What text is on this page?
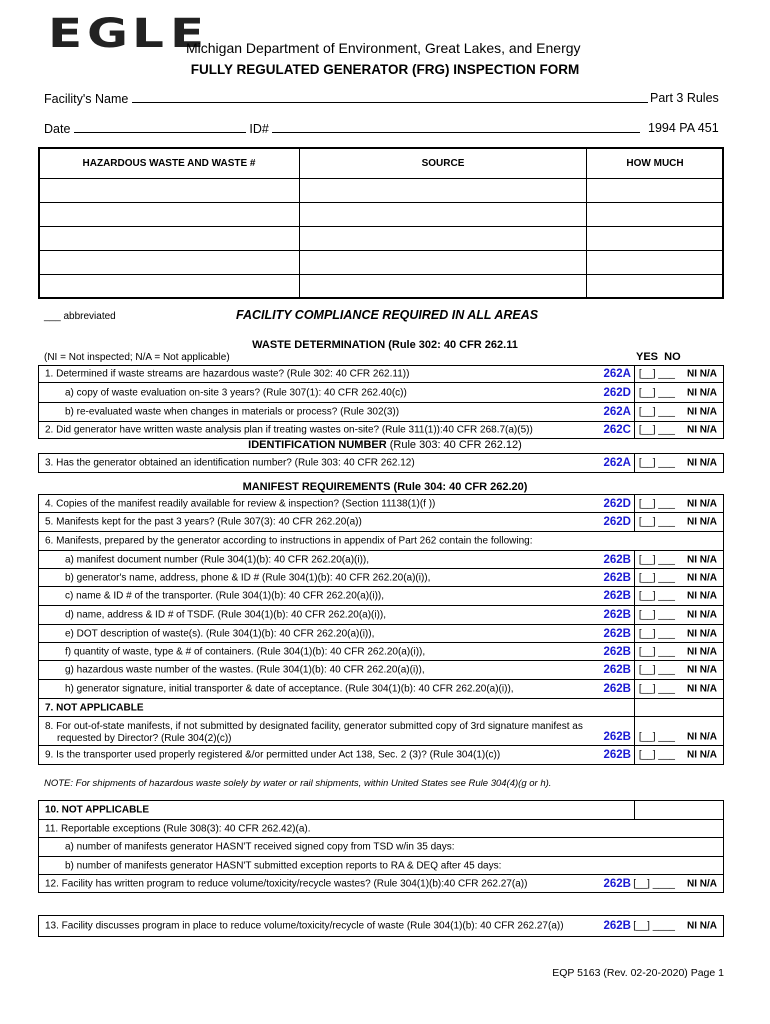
E G L E
Michigan Department of Environment, Great Lakes, and Energy
FULLY REGULATED GENERATOR (FRG) INSPECTION FORM
Facility's Name	Part 3 Rules
Date	ID#	1994 PA 451
HAZARDOUS WASTE AND WASTE #	SOURCE	HOW MUCH

___ abbreviated	FACILITY COMPLIANCE REQUIRED IN ALL AREAS
WASTE DETERMINATION (Rule 302: 40 CFR 262.11
(NI = Not inspected; N/A = Not applicable)	YES  NO
1. Determined if waste streams are hazardous waste? (Rule 302: 40 CFR 262.11))	262A [__] ___ NI N/A
a) copy of waste evaluation on-site 3 years? (Rule 307(1): 40 CFR 262.40(c))	262D [__] ___ NI N/A
b) re-evaluated waste when changes in materials or process? (Rule 302(3))	262A [__] ___ NI N/A
2. Did generator have written waste analysis plan if treating wastes on-site? (Rule 311(1)):40 CFR 268.7(a)(5))	262C [__] ___ NI N/A
IDENTIFICATION NUMBER (Rule 303: 40 CFR 262.12)
3. Has the generator obtained an identification number? (Rule 303: 40 CFR 262.12)	262A [__] ___ NI N/A
MANIFEST REQUIREMENTS (Rule 304: 40 CFR 262.20)
4. Copies of the manifest readily available for review & inspection? (Section 11138(1)(f ))	262D [__] ___ NI N/A
5. Manifests kept for the past 3 years? (Rule 307(3): 40 CFR 262.20(a))	262D [__] ___ NI N/A
6. Manifests, prepared by the generator according to instructions in appendix of Part 262 contain the following:
a) manifest document number (Rule 304(1)(b): 40 CFR 262.20(a)(i)),	262B [__] ___ NI N/A
b) generator's name, address, phone & ID # (Rule 304(1)(b): 40 CFR 262.20(a)(i)),	262B [__] ___ NI N/A
c) name & ID # of the transporter. (Rule 304(1)(b): 40 CFR 262.20(a)(i)),	262B [__] ___ NI N/A
d) name, address & ID # of TSDF. (Rule 304(1)(b): 40 CFR 262.20(a)(i)),	262B [__] ___ NI N/A
e) DOT description of waste(s). (Rule 304(1)(b): 40 CFR 262.20(a)(i)),	262B [__] ___ NI N/A
f) quantity of waste, type & # of containers. (Rule 304(1)(b): 40 CFR 262.20(a)(i)),	262B [__] ___ NI N/A
g) hazardous waste number of the wastes. (Rule 304(1)(b): 40 CFR 262.20(a)(i)),	262B [__] ___ NI N/A
h) generator signature, initial transporter & date of acceptance. (Rule 304(1)(b): 40 CFR 262.20(a)(i)),	262B [__] ___ NI N/A
7. NOT APPLICABLE
8. For out-of-state manifests, if not submitted by designated facility, generator submitted copy of 3rd signature manifest as
requested by Director? (Rule 304(2)(c))	262B [__] ___ NI N/A
9. Is the transporter used properly registered &/or permitted under Act 138, Sec. 2 (3)? (Rule 304(1)(c))	262B [__] ___ NI N/A
NOTE: For shipments of hazardous waste solely by water or rail shipments, within United States see Rule 304(4)(g or h).
10. NOT APPLICABLE
11. Reportable exceptions (Rule 308(3): 40 CFR 262.42)(a).
a) number of manifests generator HASN'T received signed copy from TSD w/in 35 days:
b) number of manifests generator HASN'T submitted exception reports to RA & DEQ after 45 days:
12. Facility has written program to reduce volume/toxicity/recycle wastes? (Rule 304(1)(b):40 CFR 262.27(a))	262B [__] ____ NI N/A
13. Facility discusses program in place to reduce volume/toxicity/recycle of waste (Rule 304(1)(b): 40 CFR 262.27(a))	262B [__] ____ NI N/A
EQP 5163 (Rev. 02-20-2020) Page 1
